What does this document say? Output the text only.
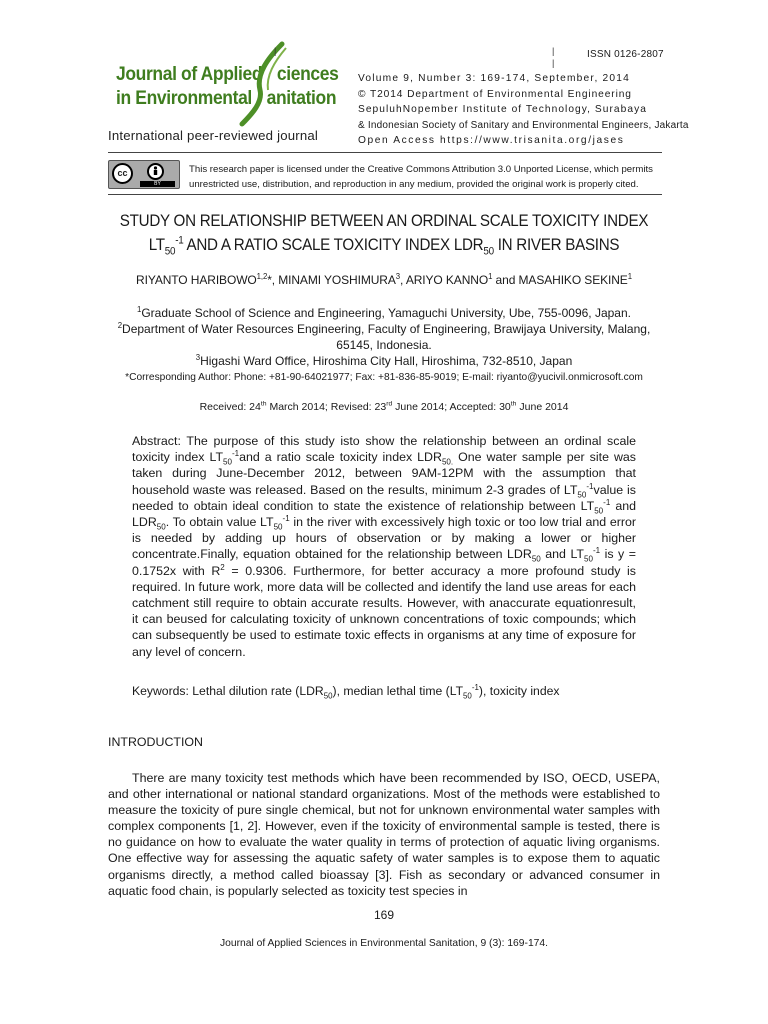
Journal of Applied ciences
in Environmental anitation
International peer-reviewed journal
|	|
|
ISSN 0126-2807
Volume 9, Number 3: 169-174, September, 2014
© T2014 Department of Environmental Engineering
SepuluhNopember Institute of Technology, Surabaya
& Indonesian Society of Sanitary and Environmental Engineers, Jakarta
Open Access https://www.trisanita.org/jases
cc
BY
This research paper is licensed under the Creative Commons Attribution 3.0 Unported License, which permits unrestricted use, distribution, and reproduction in any medium, provided the original work is properly cited.
STUDY ON RELATIONSHIP BETWEEN AN ORDINAL SCALE TOXICITY INDEX
$LT_{50}^{-1}$ AND A RATIO SCALE TOXICITY INDEX $LDR_{50}$ IN RIVER BASINS
RIYANTO HARIBOWO$^{1,2}$*, MINAMI YOSHIMURA$^3$, ARIYO KANNO$^1$ and MASAHIKO SEKINE$^1$
$^1$Graduate School of Science and Engineering, Yamaguchi University, Ube, 755-0096, Japan.
$^2$Department of Water Resources Engineering, Faculty of Engineering, Brawijaya University, Malang, 65145, Indonesia.
$^3$Higashi Ward Office, Hiroshima City Hall, Hiroshima, 732-8510, Japan
*Corresponding Author: Phone: +81-90-64021977; Fax: +81-836-85-9019; E-mail: riyanto@yucivil.onmicrosoft.com
Received: 24th March 2014; Revised: 23rd June 2014; Accepted: 30th June 2014
Abstract: The purpose of this study isto show the relationship between an ordinal scale toxicity index $LT_{50}^{-1}and$ a ratio scale toxicity index $LDR_{50.}$ One water sample per site was taken during June-December 2012, between 9AM-12PM with the assumption that household waste was released. Based on the results, minimum 2-3 grades of $LT_{50}^{-1}value$ is needed to obtain ideal condition to state the existence of relationship between $LT_{50}^{-1}$ and $LDR_{50}$. To obtain value $LT_{50}^{-1}$ in the river with excessively high toxic or too low trial and error is needed by adding up hours of observation or by making a lower or higher concentrate.Finally, equation obtained for the relationship between $LDR_{50}$ and $LT_{50}^{-1}$ is y = 0.1752x with $R^2 = 0.9306$. Furthermore, for better accuracy a more profound study is required. In future work, more data will be collected and identify the land use areas for each catchment still require to obtain accurate results. However, with anaccurate equationresult, it can beused for calculating toxicity of unknown concentrations of toxic compounds; which can subsequently be used to estimate toxic effects in organisms at any time of exposure for any level of concern.
Keywords: Lethal dilution rate $(LDR_{50})$, median lethal time $(LT_{50}^{-1})$, toxicity index
INTRODUCTION
There are many toxicity test methods which have been recommended by ISO, OECD, USEPA, and other international or national standard organizations. Most of the methods were established to measure the toxicity of pure single chemical, but not for unknown environmental water samples with complex components [1, 2]. However, even if the toxicity of environmental sample is tested, there is no guidance on how to evaluate the water quality in terms of protection of aquatic living organisms. One effective way for assessing the aquatic safety of water samples is to expose them to aquatic organisms directly, a method called bioassay [3]. Fish as secondary or advanced consumer in aquatic food chain, is popularly selected as toxicity test species in
169
Journal of Applied Sciences in Environmental Sanitation, 9 (3): 169-174.
